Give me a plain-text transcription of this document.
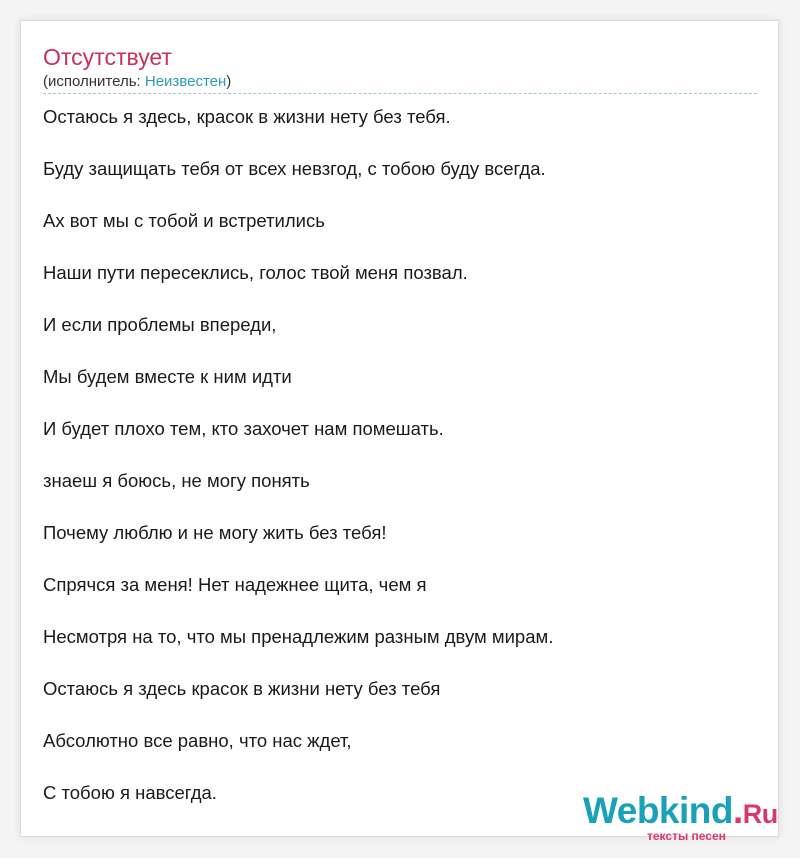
Отсутствует
(исполнитель: Неизвестен)
Остаюсь я здесь, красок в жизни нету без тебя.
Буду защищать тебя от всех невзгод, с тобою буду всегда.
Ах вот мы с тобой и встретились
Наши пути пересеклись, голос твой меня позвал.
И если проблемы впереди,
Мы будем вместе к ним идти
И будет плохо тем, кто захочет нам помешать.
знаеш я боюсь, не могу понять
Почему люблю и не могу жить без тебя!
Спрячся за меня! Нет надежнее щита, чем я
Несмотря на то, что мы пренадлежим разным двум мирам.
Остаюсь я здесь красок в жизни нету без тебя
Абсолютно все равно, что нас ждет,
С тобою я навсегда.	Webkind.Ru
тексты песен
